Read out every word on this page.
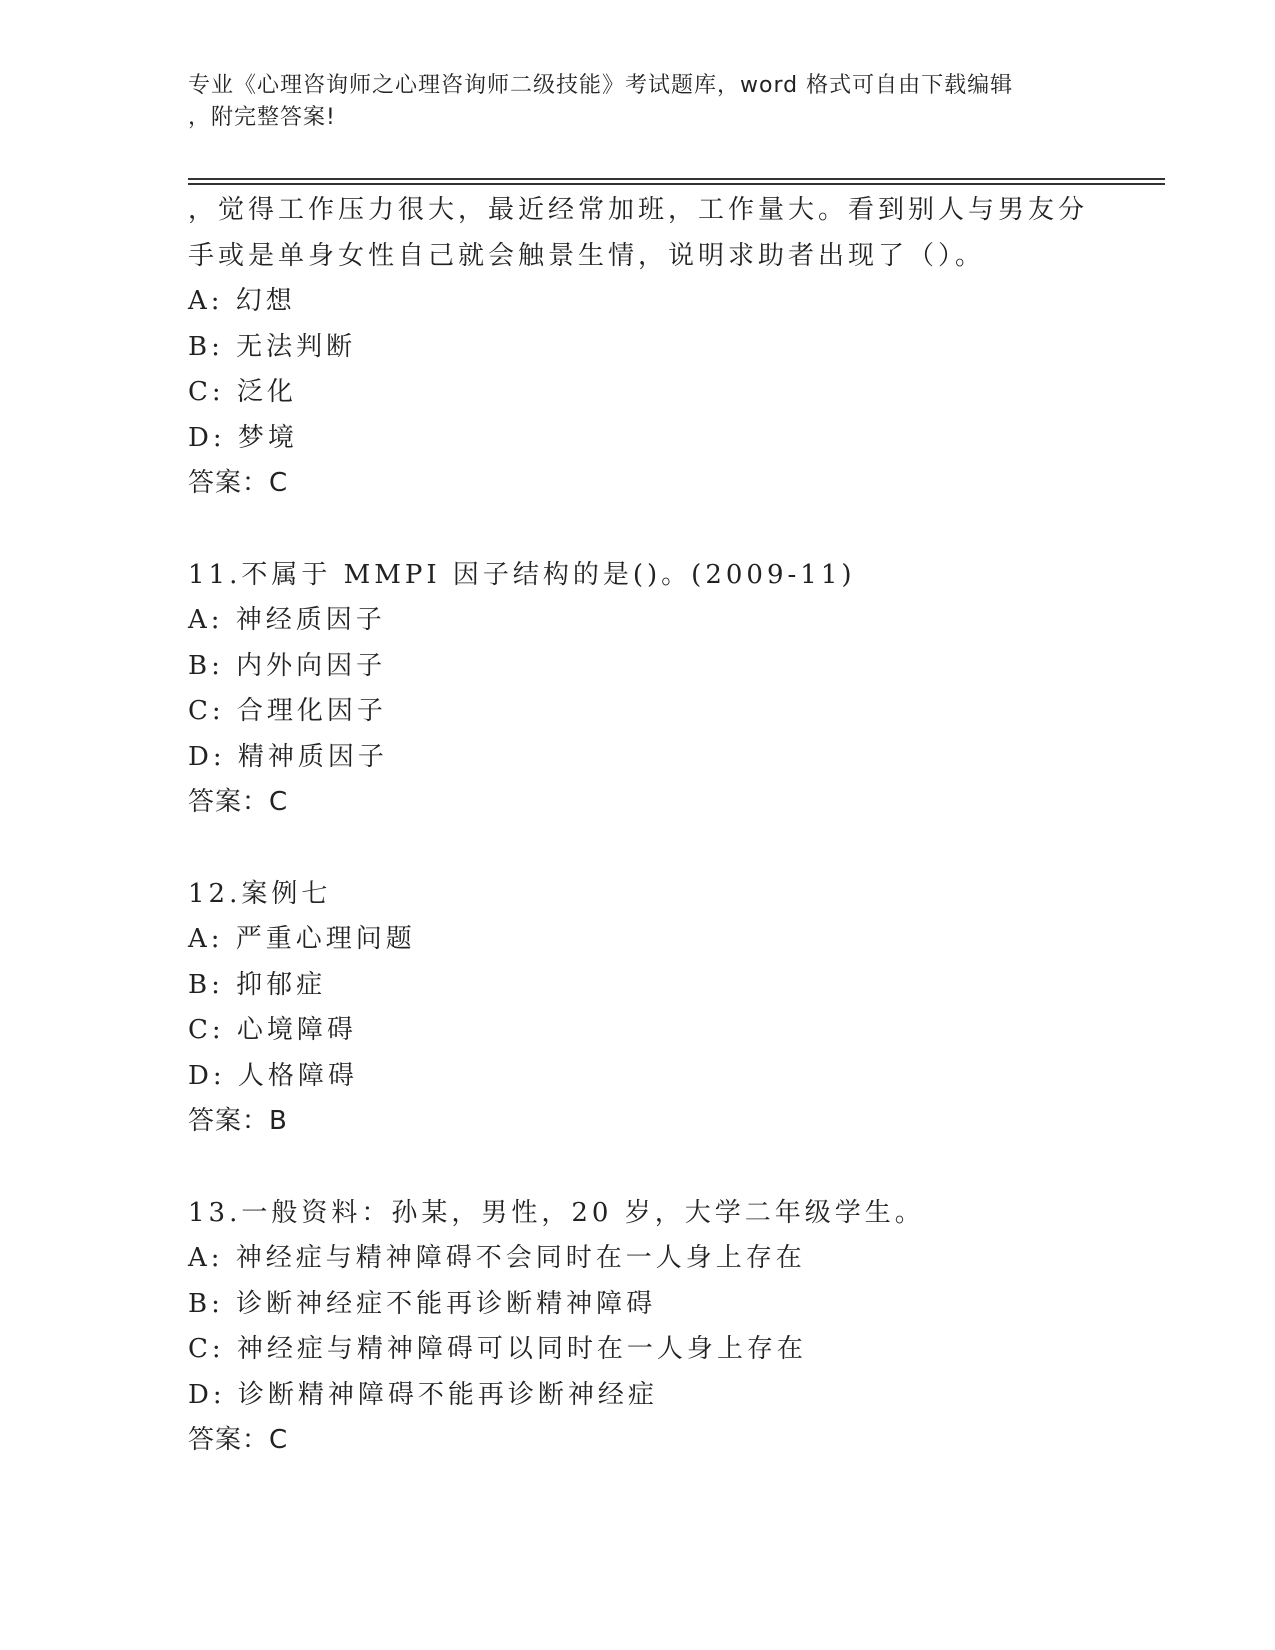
专业《心理咨询师之心理咨询师二级技能》考试题库，word 格式可自由下载编辑
，附完整答案!
，觉得工作压力很大，最近经常加班，工作量大。看到别人与男友分
手或是单身女性自己就会触景生情，说明求助者出现了（）。
A: 幻想
B: 无法判断
C: 泛化
D: 梦境
答案：C
11.不属于 MMPI 因子结构的是()。(2009-11)
A: 神经质因子
B: 内外向因子
C: 合理化因子
D: 精神质因子
答案：C
12.案例七
A: 严重心理问题
B: 抑郁症
C: 心境障碍
D: 人格障碍
答案：B
13.一般资料：孙某，男性，20 岁，大学二年级学生。
A: 神经症与精神障碍不会同时在一人身上存在
B: 诊断神经症不能再诊断精神障碍
C: 神经症与精神障碍可以同时在一人身上存在
D: 诊断精神障碍不能再诊断神经症
答案：C
